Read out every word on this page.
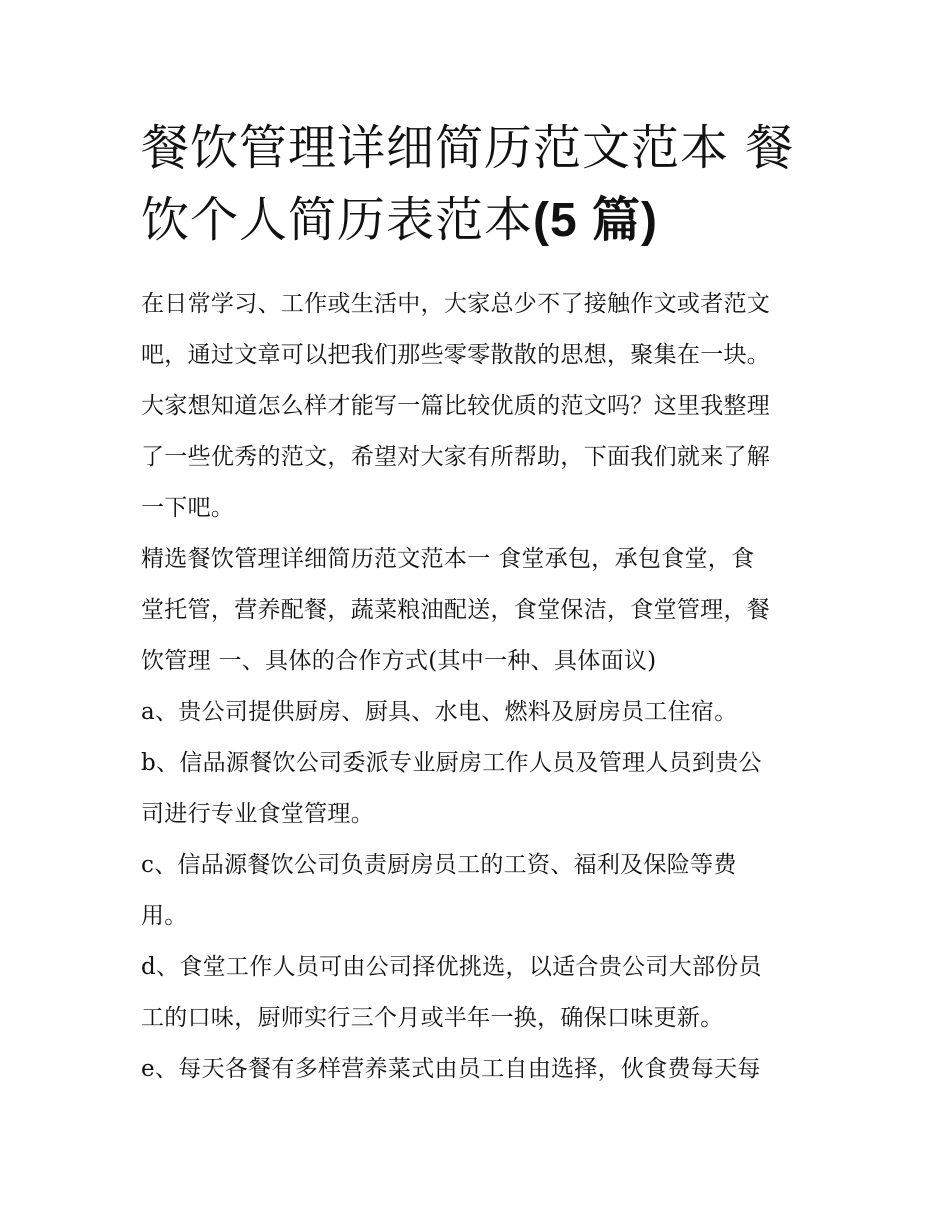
餐饮管理详细简历范文范本 餐
饮个人简历表范本(5 篇)

在日常学习、工作或生活中，大家总少不了接触作文或者范文
吧，通过文章可以把我们那些零零散散的思想，聚集在一块。
大家想知道怎么样才能写一篇比较优质的范文吗？这里我整理
了一些优秀的范文，希望对大家有所帮助，下面我们就来了解
一下吧。

精选餐饮管理详细简历范文范本一 食堂承包，承包食堂，食
堂托管，营养配餐，蔬菜粮油配送，食堂保洁，食堂管理，餐
饮管理 一、具体的合作方式(其中一种、具体面议)

a、贵公司提供厨房、厨具、水电、燃料及厨房员工住宿。

b、信品源餐饮公司委派专业厨房工作人员及管理人员到贵公
司进行专业食堂管理。

c、信品源餐饮公司负责厨房员工的工资、福利及保险等费
用。

d、食堂工作人员可由公司择优挑选，以适合贵公司大部份员
工的口味，厨师实行三个月或半年一换，确保口味更新。

e、每天各餐有多样营养菜式由员工自由选择，伙食费每天每
